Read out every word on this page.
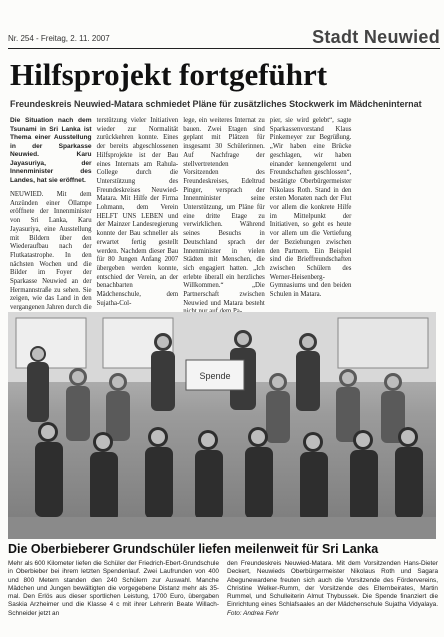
Nr. 254 - Freitag, 2. 11. 2007	Stadt Neuwied
Hilfsprojekt fortgeführt
Freundeskreis Neuwied-Matara schmiedet Pläne für zusätzliches Stockwerk im Mädcheninternat
Die Situation nach dem Tsunami in Sri Lanka ist Thema einer Ausstellung in der Sparkasse Neuwied. Karu Jayasuriya, der Innenminister des Landes, hat sie eröffnet.
NEUWIED. Mit dem Anzünden einer Öllampe eröffnete der Innenminister von Sri Lanka, Karu Jayasuriya, eine Ausstellung mit Bildern über den Wiederaufbau nach der Flutkatastrophe. In den nächsten Wochen und die Bilder im Foyer der Sparkasse Neuwied an der Hermannstraße zu sehen. Sie zeigen, wie das Land in den vergangenen Jahren durch die
terstützung vieler Initiativen wieder zur Normalität zurückkehren konnte. Eines der bereits abgeschlossenen Hilfsprojekte ist der Bau eines Internats am Rahula-College durch die Unterstützung des Freundeskreises Neuwied-Matara. Mit Hilfe der Firma Lohmann, dem Verein HELFT UNS LEBEN und der Mainzer Landesregierung konnte der Bau schneller als erwartet fertig gestellt werden. Nachdem dieser Bau für 80 Jungen Anfang 2007 übergeben werden konnte, entschied der Verein, an der benachbarten Mädchenschule, dem Sujatha-Col-
lege, ein weiteres Internat zu bauen. Zwei Etagen sind geplant mit Plätzen für insgesamt 30 Schülerinnen. Auf Nachfrage der stellvertretenden Vorsitzenden des Freundeskreises, Edeltrud Pinger, versprach der Innenminister seine Unterstützung, um Pläne für eine dritte Etage zu verwirklichen. Während seines Besuchs in Deutschland sprach der Innenminister in vielen Städten mit Menschen, die sich engagiert hatten. „Ich erlebte überall ein herzliches Willkommen.“ „Die Partnerschaft zwischen Neuwied und Matara besteht
pier, sie wird gelebt“, sagte Sparkassenvorstand Klaus Pinkemeyer zur Begrüßung. „Wir haben eine Brücke geschlagen, wir haben einander kennengelernt und Freundschaften geschlossen“, bestätigte Oberbürgermeister Nikolaus Roth. Stand in den ersten Monaten nach der Flut vor allem die konkrete Hilfe im Mittelpunkt der Initiativen, so geht es heute vor allem um die Vertiefung der Beziehungen zwischen den Partnern. Ein Beispiel sind die Brieffreundschaften zwischen Schülern des Werner-Heisenberg-Gymnasiums und den beiden Schulen in Matara.
Spende
Die Oberbieberer Grundschüler liefen meilenweit für Sri Lanka
Mehr als 600 Kilometer liefen die Schüler der Friedrich-Ebert-Grundschule in Oberbieber bei ihrem letzten Spendenlauf. Zwei Laufrunden von 400 und 800 Metern standen den 240 Schülern zur Auswahl. Manche Mädchen und Jungen bewältigten die vorgegebene Distanz mehr als 35-mal. Den Erlös aus dieser sportlichen Leistung, 1700 Euro, übergaben Saskia Arzheimer und die Klasse 4 c mit ihrer Lehrerin Beate Willach-Schneider jetzt an
den Freundeskreis Neuwied-Matara. Mit dem Vorsitzenden Hans-Dieter Deckert, Neuwieds Oberbürgermeister Nikolaus Roth und Sagara Abegunewardene freuten sich auch die Vorsitzende des Fördervereins, Christine Welker-Rumm, der Vorsitzende des Elternbeirates, Martin Rummel, und Schulleiterin Almut Thybussek. Die Spende finanziert die Einrichtung eines Schlafsaales an der Mädchenschule Sujatha Vidyalaya. Foto: Andrea Fehr
